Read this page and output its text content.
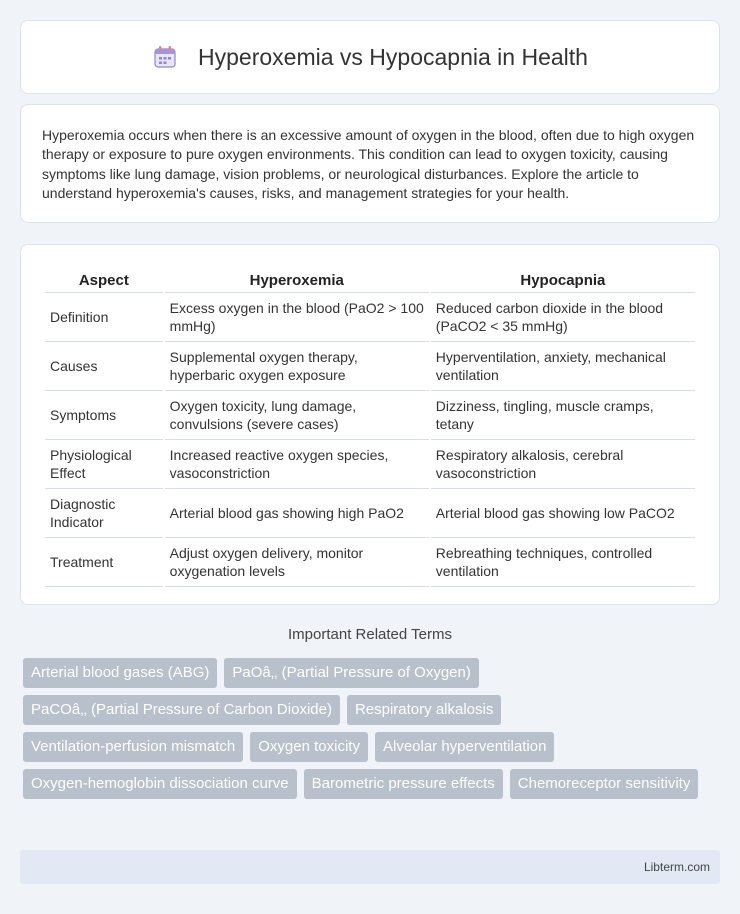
Hyperoxemia vs Hypocapnia in Health

Hyperoxemia occurs when there is an excessive amount of oxygen in the blood, often due to high oxygen therapy or exposure to pure oxygen environments. This condition can lead to oxygen toxicity, causing symptoms like lung damage, vision problems, or neurological disturbances. Explore the article to understand hyperoxemia's causes, risks, and management strategies for your health.

Aspect	Hyperoxemia	Hypocapnia
Definition	Excess oxygen in the blood (PaO2 > 100 mmHg)	Reduced carbon dioxide in the blood (PaCO2 < 35 mmHg)
Causes	Supplemental oxygen therapy, hyperbaric oxygen exposure	Hyperventilation, anxiety, mechanical ventilation
Symptoms	Oxygen toxicity, lung damage, convulsions (severe cases)	Dizziness, tingling, muscle cramps, tetany
Physiological Effect	Increased reactive oxygen species, vasoconstriction	Respiratory alkalosis, cerebral vasoconstriction
Diagnostic Indicator	Arterial blood gas showing high PaO2	Arterial blood gas showing low PaCO2
Treatment	Adjust oxygen delivery, monitor oxygenation levels	Rebreathing techniques, controlled ventilation
Important Related Terms
Arterial blood gases (ABG)	PaOâ‚‚ (Partial Pressure of Oxygen)
PaCOâ‚‚ (Partial Pressure of Carbon Dioxide)	Respiratory alkalosis
Ventilation-perfusion mismatch	Oxygen toxicity	Alveolar hyperventilation
Oxygen-hemoglobin dissociation curve	Barometric pressure effects	Chemoreceptor sensitivity
Libterm.com
